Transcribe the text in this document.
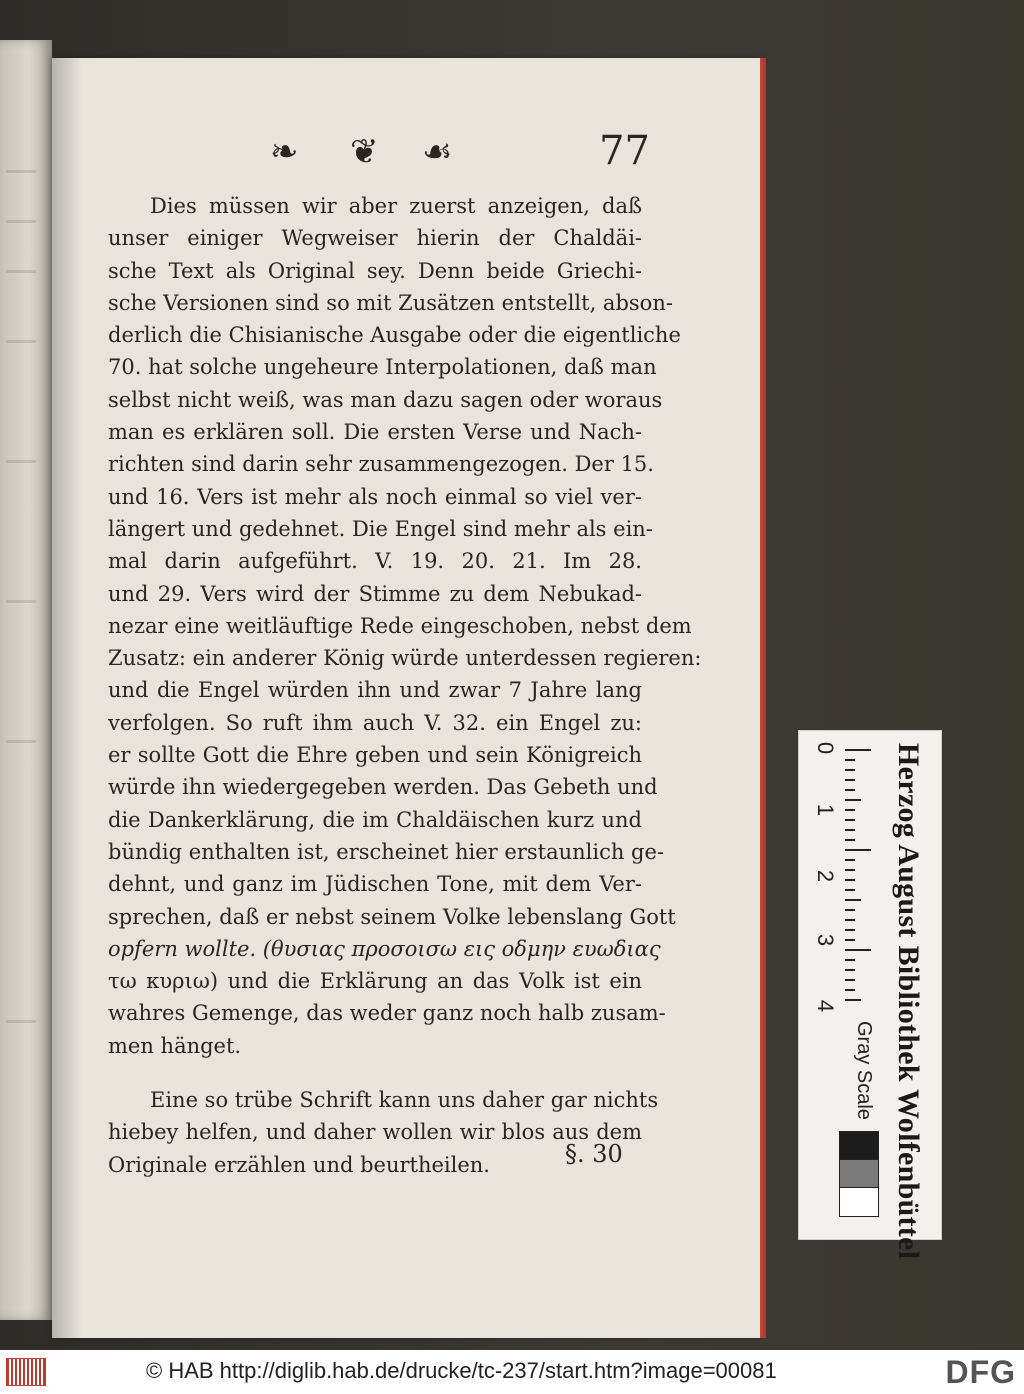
❧ ❦ ☙	77
Dies müssen wir aber zuerst anzeigen, daß
unser einiger Wegweiser hierin der Chaldäi-
sche Text als Original sey. Denn beide Griechi-
sche Versionen sind so mit Zusätzen entstellt, abson-
derlich die Chisianische Ausgabe oder die eigentliche
70. hat solche ungeheure Interpolationen, daß man
selbst nicht weiß, was man dazu sagen oder woraus
man es erklären soll. Die ersten Verse und Nach-
richten sind darin sehr zusammengezogen. Der 15.
und 16. Vers ist mehr als noch einmal so viel ver-
längert und gedehnet. Die Engel sind mehr als ein-
mal darin aufgeführt. V. 19. 20. 21. Im 28.
und 29. Vers wird der Stimme zu dem Nebukad-
nezar eine weitläuftige Rede eingeschoben, nebst dem
Zusatz: ein anderer König würde unterdessen regieren:
und die Engel würden ihn und zwar 7 Jahre lang
verfolgen. So ruft ihm auch V. 32. ein Engel zu:
er sollte Gott die Ehre geben und sein Königreich
würde ihn wiedergegeben werden. Das Gebeth und
die Dankerklärung, die im Chaldäischen kurz und
bündig enthalten ist, erscheinet hier erstaunlich ge-
dehnt, und ganz im Jüdischen Tone, mit dem Ver-
sprechen, daß er nebst seinem Volke lebenslang Gott
opfern wollte. (θυσιας προσοισω εις οδμην ευωδιας
τω κυριω) und die Erklärung an das Volk ist ein
wahres Gemenge, das weder ganz noch halb zusam-
men hänget.
Eine so trübe Schrift kann uns daher gar nichts
hiebey helfen, und daher wollen wir blos aus dem
Originale erzählen und beurtheilen.	§. 30
0
1
2
3
4
Gray Scale Herzog August Bibliothek Wolfenbüttel
© HAB http://diglib.hab.de/drucke/tc-237/start.htm?image=00081	DFG
